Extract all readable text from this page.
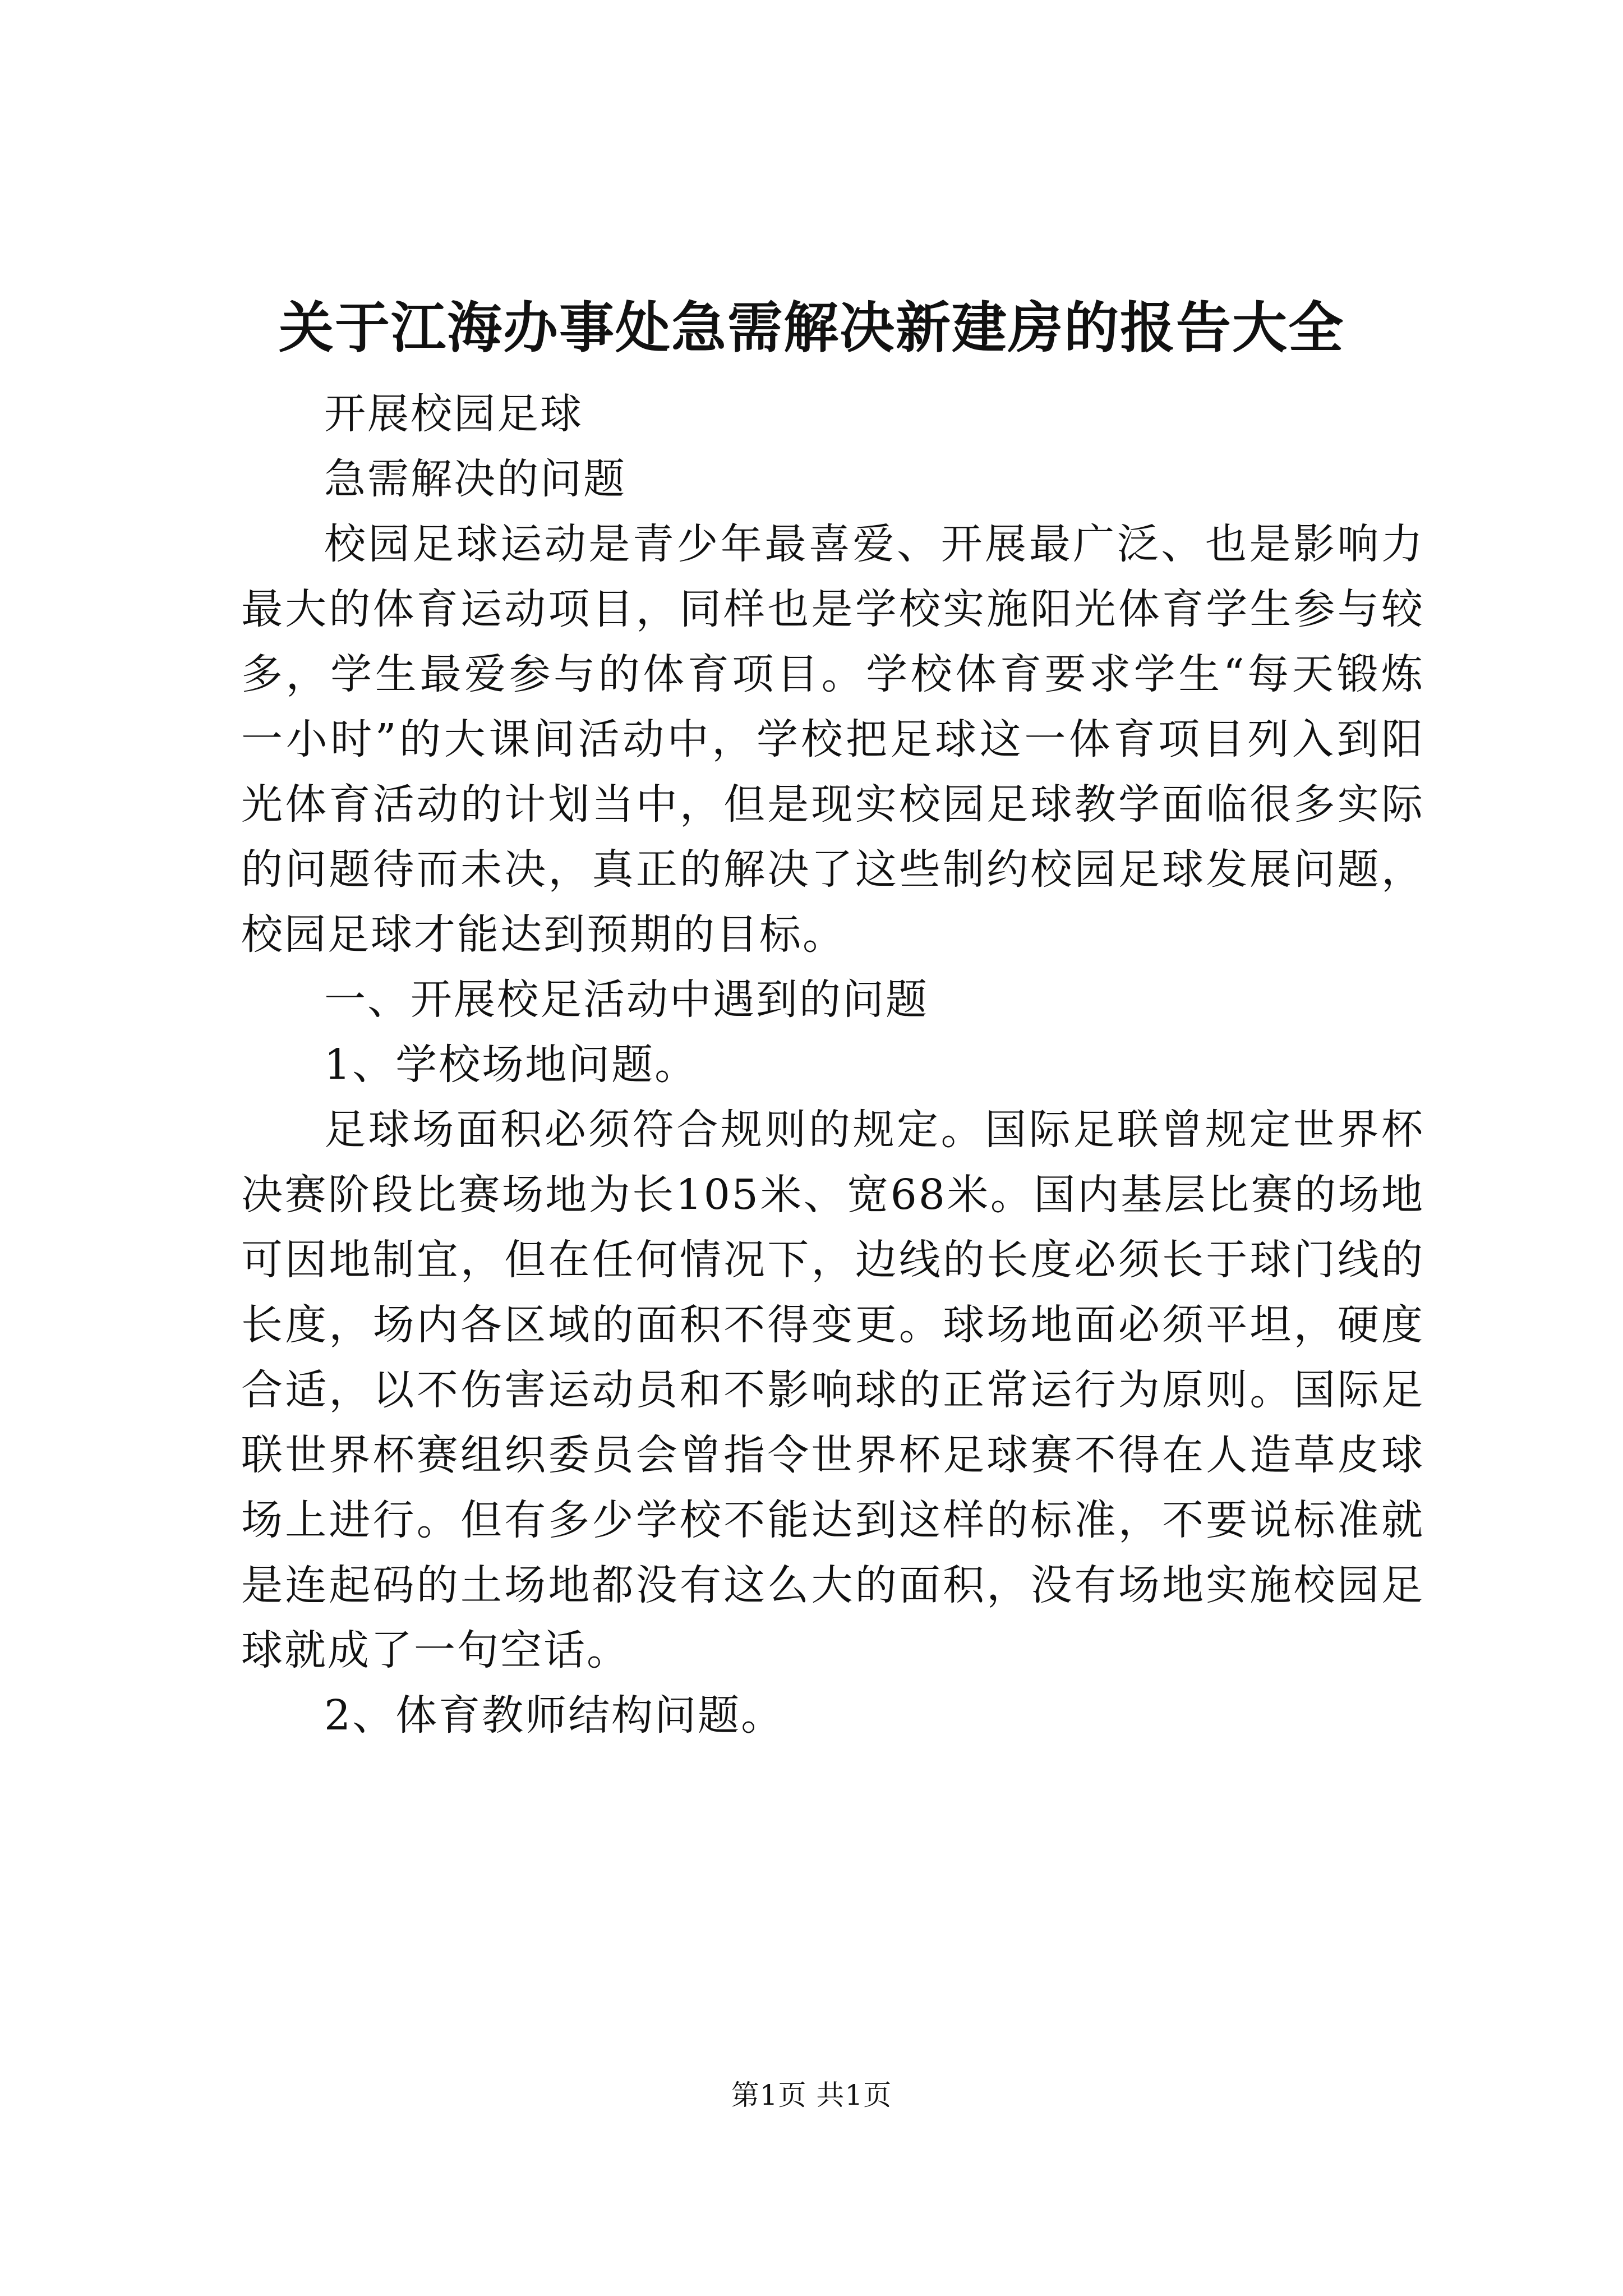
关于江海办事处急需解决新建房的报告大全

开展校园足球

急需解决的问题

校园足球运动是青少年最喜爱、开展最广泛、也是影响力最大的体育运动项目，同样也是学校实施阳光体育学生参与较多，学生最爱参与的体育项目。学校体育要求学生“每天锻炼一小时”的大课间活动中，学校把足球这一体育项目列入到阳光体育活动的计划当中，但是现实校园足球教学面临很多实际的问题待而未决，真正的解决了这些制约校园足球发展问题，校园足球才能达到预期的目标。

一、开展校足活动中遇到的问题

1、学校场地问题。

足球场面积必须符合规则的规定。国际足联曾规定世界杯决赛阶段比赛场地为长105米、宽68米。国内基层比赛的场地可因地制宜，但在任何情况下，边线的长度必须长于球门线的长度，场内各区域的面积不得变更。球场地面必须平坦，硬度合适，以不伤害运动员和不影响球的正常运行为原则。国际足联世界杯赛组织委员会曾指令世界杯足球赛不得在人造草皮球场上进行。但有多少学校不能达到这样的标准，不要说标准就是连起码的土场地都没有这么大的面积，没有场地实施校园足球就成了一句空话。

2、体育教师结构问题。

第1页 共1页
